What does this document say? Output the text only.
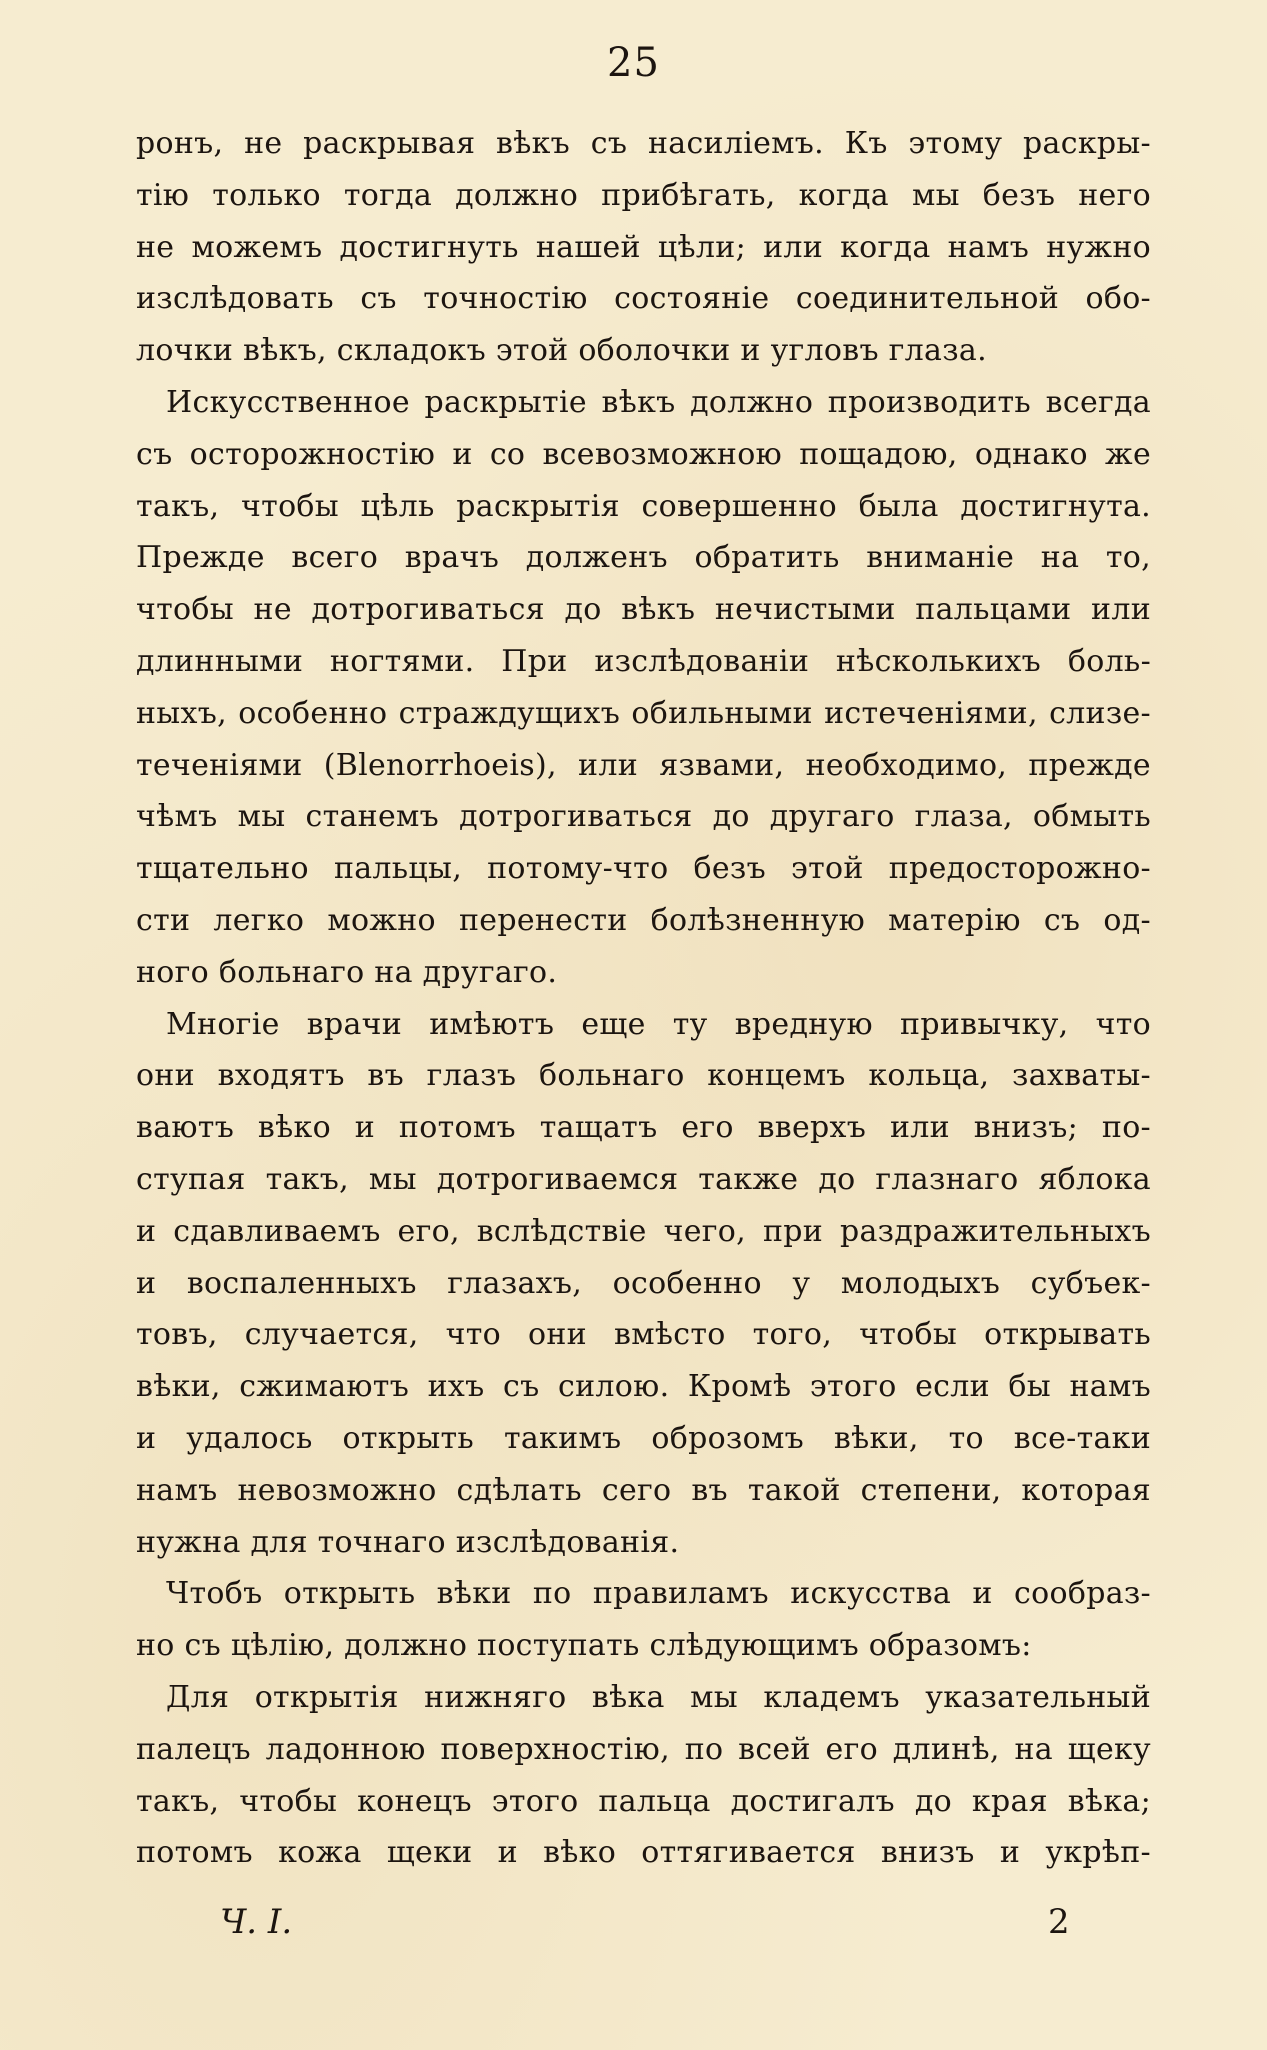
25
ронъ, не раскрывая вѣкъ съ насиліемъ. Къ этому раскры-
тію только тогда должно прибѣгать, когда мы безъ него
не можемъ достигнуть нашей цѣли; или когда намъ нужно
изслѣдовать съ точностію состояніе соединительной обо-
лочки вѣкъ, складокъ этой оболочки и угловъ глаза.
Искусственное раскрытіе вѣкъ должно производить всегда
съ осторожностію и со всевозможною пощадою, однако же
такъ, чтобы цѣль раскрытія совершенно была достигнута.
Прежде всего врачъ долженъ обратить вниманіе на то,
чтобы не дотрогиваться до вѣкъ нечистыми пальцами или
длинными ногтями. При изслѣдованіи нѣсколькихъ боль-
ныхъ, особенно страждущихъ обильными истеченіями, слизе-
теченіями (Blenorrhoeis), или язвами, необходимо, прежде
чѣмъ мы станемъ дотрогиваться до другаго глаза, обмыть
тщательно пальцы, потому-что безъ этой предосторожно-
сти легко можно перенести болѣзненную матерію съ од-
ного больнаго на другаго.
Многіе врачи имѣютъ еще ту вредную привычку, что
они входятъ въ глазъ больнаго концемъ кольца, захваты-
ваютъ вѣко и потомъ тащатъ его вверхъ или внизъ; по-
ступая такъ, мы дотрогиваемся также до глазнаго яблока
и сдавливаемъ его, вслѣдствіе чего, при раздражительныхъ
и воспаленныхъ глазахъ, особенно у молодыхъ субъек-
товъ, случается, что они вмѣсто того, чтобы открывать
вѣки, сжимаютъ ихъ съ силою. Кромѣ этого если бы намъ
и удалось открыть такимъ оброзомъ вѣки, то все-таки
намъ невозможно сдѣлать сего въ такой степени, которая
нужна для точнаго изслѣдованія.
Чтобъ открыть вѣки по правиламъ искусства и сообраз-
но съ цѣлію, должно поступать слѣдующимъ образомъ:
Для открытія нижняго вѣка мы кладемъ указательный
палецъ ладонною поверхностію, по всей его длинѣ, на щеку
такъ, чтобы конецъ этого пальца достигалъ до края вѣка;
потомъ кожа щеки и вѣко оттягивается внизъ и укрѣп-
Ч. I.	2
